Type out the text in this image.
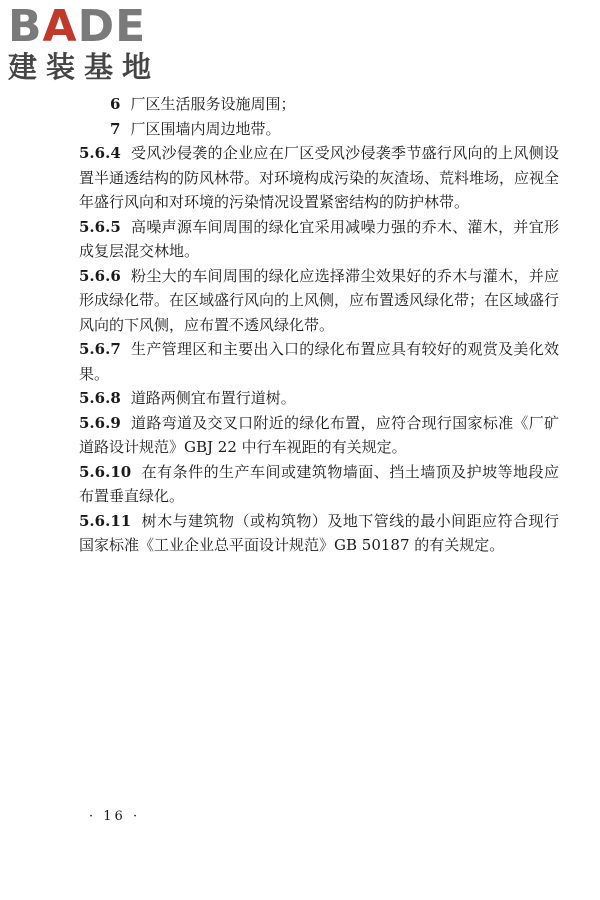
BADE
建装基地
6 厂区生活服务设施周围；
7 厂区围墙内周边地带。

5.6.4 受风沙侵袭的企业应在厂区受风沙侵袭季节盛行风向的上风侧设置半通透结构的防风林带。对环境构成污染的灰渣场、荒料堆场，应视全年盛行风向和对环境的污染情况设置紧密结构的防护林带。

5.6.5 高噪声源车间周围的绿化宜采用减噪力强的乔木、灌木，并宜形成复层混交林地。

5.6.6 粉尘大的车间周围的绿化应选择滞尘效果好的乔木与灌木，并应形成绿化带。在区域盛行风向的上风侧，应布置透风绿化带；在区域盛行风向的下风侧，应布置不透风绿化带。

5.6.7 生产管理区和主要出入口的绿化布置应具有较好的观赏及美化效果。

5.6.8 道路两侧宜布置行道树。

5.6.9 道路弯道及交叉口附近的绿化布置，应符合现行国家标准《厂矿道路设计规范》GBJ 22 中行车视距的有关规定。

5.6.10 在有条件的生产车间或建筑物墙面、挡土墙顶及护坡等地段应布置垂直绿化。

5.6.11 树木与建筑物（或构筑物）及地下管线的最小间距应符合现行国家标准《工业企业总平面设计规范》GB 50187 的有关规定。

· 16 ·
